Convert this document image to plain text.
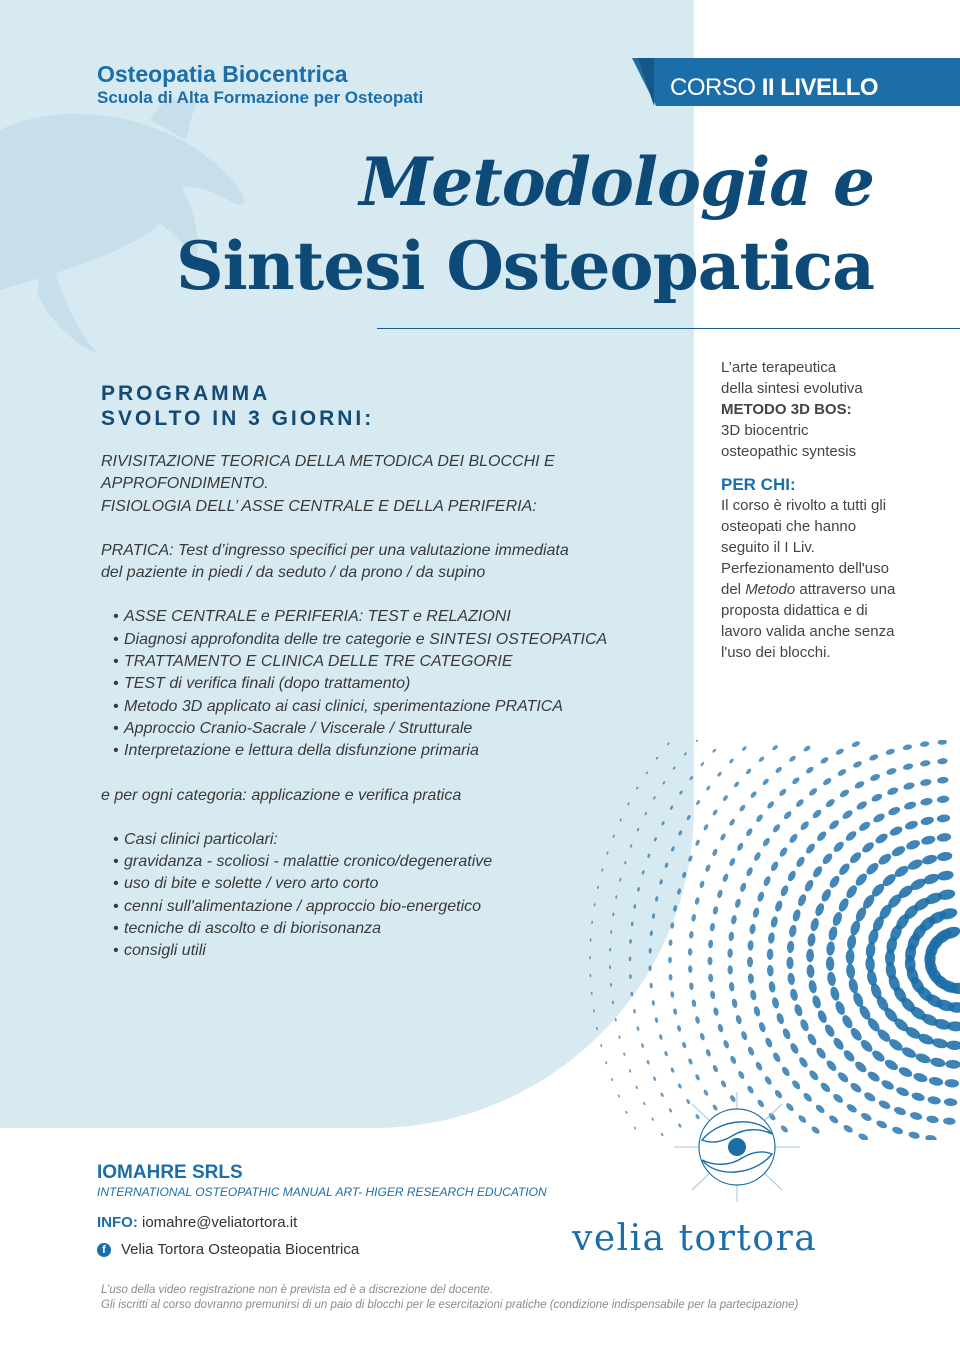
Osteopatia Biocentrica
Scuola di Alta Formazione per Osteopati	CORSO II LIVELLO
Metodologia e
Sintesi Osteopatica
PROGRAMMA
SVOLTO IN 3 GIORNI:

RIVISITAZIONE TEORICA DELLA METODICA DEI BLOCCHI E APPROFONDIMENTO.

FISIOLOGIA DELL’ ASSE CENTRALE E DELLA PERIFERIA:

PRATICA: Test d’ingresso specifici per una valutazione immediata

del paziente in piedi / da seduto / da prono / da supino

• ASSE CENTRALE e PERIFERIA: TEST e RELAZIONI
• Diagnosi approfondita delle tre categorie e SINTESI OSTEOPATICA
• TRATTAMENTO E CLINICA DELLE TRE CATEGORIE
• TEST di verifica finali (dopo trattamento)
• Metodo 3D applicato ai casi clinici, sperimentazione PRATICA
• Approccio Cranio-Sacrale / Viscerale / Strutturale
• Interpretazione e lettura della disfunzione primaria

e per ogni categoria: applicazione e verifica pratica

• Casi clinici particolari:
• gravidanza - scoliosi - malattie cronico/degenerative
• uso di bite e solette / vero arto corto
• cenni sull'alimentazione / approccio bio-energetico
• tecniche di ascolto e di biorisonanza
• consigli utili

L’arte terapeutica

della sintesi evolutiva

METODO 3D BOS:

3D biocentric

osteopathic syntesis

PER CHI:

Il corso è rivolto a tutti gli osteopati che hanno seguito il I Liv. Perfezionamento dell'uso del Metodo attraverso una proposta didattica e di lavoro valida anche senza l'uso dei blocchi.

IOMAHRE SRLS
INTERNATIONAL OSTEOPATHIC MANUAL ART- HIGER RESEARCH EDUCATION
INFO: iomahre@veliatortora.it
f	Velia Tortora Osteopatia Biocentrica	velia tortora
L’uso della video registrazione non è prevista ed è a discrezione del docente.
Gli iscritti al corso dovranno premunirsi di un paio di blocchi per le esercitazioni pratiche (condizione indispensabile per la partecipazione)
